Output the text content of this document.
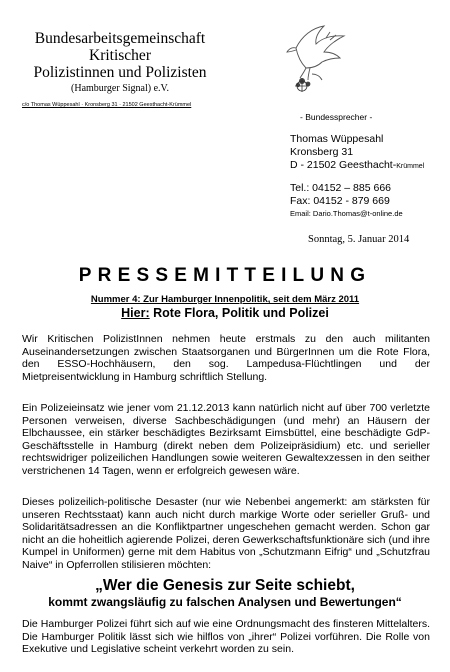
Bundesarbeitsgemeinschaft
Kritischer
Polizistinnen und Polizisten
(Hamburger Signal) e.V.
c/o Thomas Wüppesahl · Kronsberg 31 · 21502 Geesthacht-Krümmel
- Bundessprecher -
Thomas Wüppesahl
Kronsberg 31
D - 21502 Geesthacht-Krümmel
Tel.: 04152 – 885 666
Fax: 04152 - 879 669
Email: Dario.Thomas@t-online.de
Sonntag, 5. Januar 2014
PRESSEMITTEILUNG
Nummer 4: Zur Hamburger Innenpolitik, seit dem März 2011
Hier: Rote Flora, Politik und Polizei

Wir Kritischen PolizistInnen nehmen heute erstmals zu den auch militanten Auseinandersetzungen zwischen Staatsorganen und BürgerInnen um die Rote Flora, den ESSO-Hochhäusern, den sog. Lampedusa-Flüchtlingen und der Mietpreisentwicklung in Hamburg schriftlich Stellung.

Ein Polizeieinsatz wie jener vom 21.12.2013 kann natürlich nicht auf über 700 verletzte Personen verweisen, diverse Sachbeschädigungen (und mehr) an Häusern der Elbchaussee, ein stärker beschädigtes Bezirksamt Eimsbüttel, eine beschädigte GdP-Geschäftsstelle in Hamburg (direkt neben dem Polizeipräsidium) etc. und serieller rechtswidriger polizeilichen Handlungen sowie weiteren Gewaltexzessen in den seither verstrichenen 14 Tagen, wenn er erfolgreich gewesen wäre.

Dieses polizeilich-politische Desaster (nur wie Nebenbei angemerkt: am stärksten für unseren Rechtsstaat) kann auch nicht durch markige Worte oder serieller Gruß- und Solidaritätsadressen an die Konfliktpartner ungeschehen gemacht werden. Schon gar nicht an die hoheitlich agierende Polizei, deren Gewerkschaftsfunktionäre sich (und ihre Kumpel in Uniformen) gerne mit dem Habitus von „Schutzmann Eifrig“ und „Schutzfrau Naive“ in Opferrollen stilisieren möchten:

„Wer die Genesis zur Seite schiebt,
kommt zwangsläufig zu falschen Analysen und Bewertungen“

Die Hamburger Polizei führt sich auf wie eine Ordnungsmacht des finsteren Mittelalters. Die Hamburger Politik lässt sich wie hilflos von „ihrer“ Polizei vorführen. Die Rolle von Exekutive und Legislative scheint verkehrt worden zu sein.
